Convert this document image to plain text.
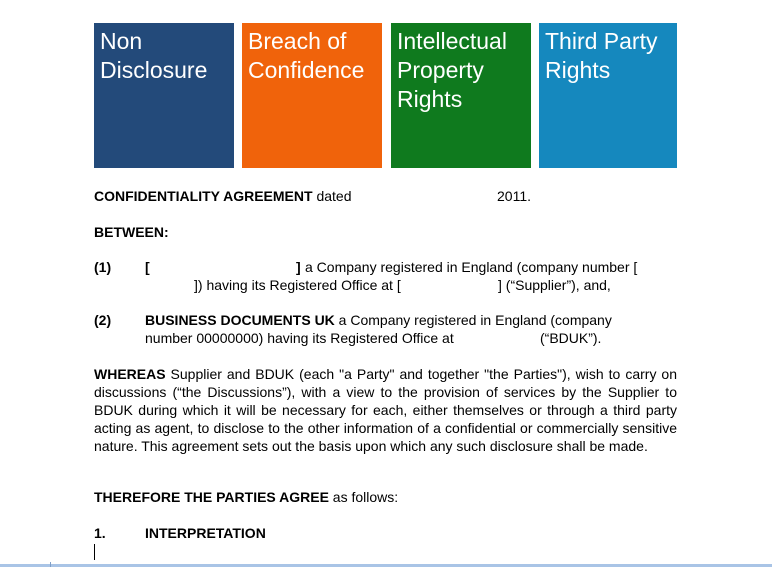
Non
Disclosure
Breach of
Confidence
Intellectual
Property
Rights
Third Party
Rights
CONFIDENTIALITY AGREEMENT dated	2011.
BETWEEN:
(1) [	] a Company registered in England (company number [
]) having its Registered Office at [	] (“Supplier”), and,

(2) BUSINESS DOCUMENTS UK a Company registered in England (company
number 00000000) having its Registered Office at	(“BDUK”).
WHEREAS Supplier and BDUK (each "a Party" and together "the Parties"), wish to carry on discussions (“the Discussions”), with a view to the provision of services by the Supplier to BDUK during which it will be necessary for each, either themselves or through a third party acting as agent, to disclose to the other information of a confidential or commercially sensitive nature. This agreement sets out the basis upon which any such disclosure shall be made.
THEREFORE THE PARTIES AGREE as follows:
1.	INTERPRETATION
